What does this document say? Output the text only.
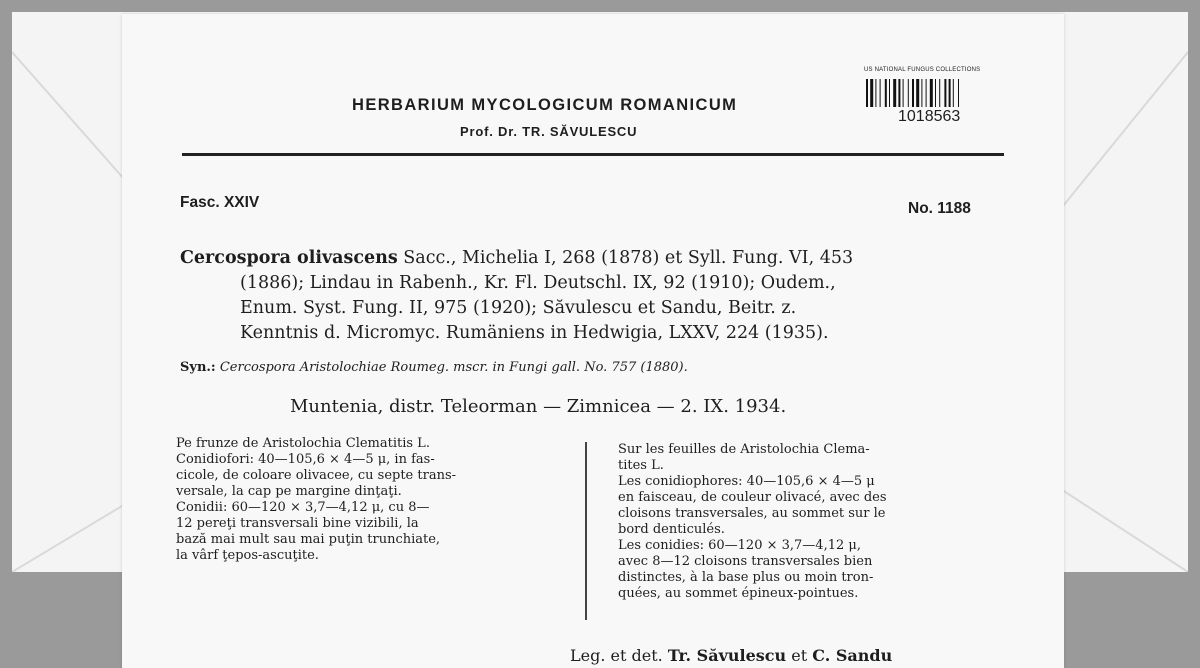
HERBARIUM MYCOLOGICUM ROMANICUM
Prof. Dr. TR. SĂVULESCU
US NATIONAL FUNGUS COLLECTIONS
1018563
Fasc. XXIV	No. 1188
Cercospora olivascens Sacc., Michelia I, 268 (1878) et Syll. Fung. VI, 453
(1886); Lindau in Rabenh., Kr. Fl. Deutschl. IX, 92 (1910); Oudem.,
Enum. Syst. Fung. II, 975 (1920); Săvulescu et Sandu, Beitr. z.
Kenntnis d. Micromyc. Rumäniens in Hedwigia, LXXV, 224 (1935).
Syn.: Cercospora Aristolochiae Roumeg. mscr. in Fungi gall. No. 757 (1880).
Muntenia, distr. Teleorman — Zimnicea — 2. IX. 1934.
Pe frunze de Aristolochia Clematitis L.
Conidiofori: 40—105,6 × 4—5 μ, in fas-
cicole, de coloare olivacee, cu septe trans-
versale, la cap pe margine dinţaţi.
Conidii: 60—120 × 3,7—4,12 μ, cu 8—
12 pereţi transversali bine vizibili, la
bază mai mult sau mai puţin trunchiate,
la vârf ţepos-ascuţite.
Sur les feuilles de Aristolochia Clema-
tites L.
Les conidiophores: 40—105,6 × 4—5 μ
en faisceau, de couleur olivacé, avec des
cloisons transversales, au sommet sur le
bord denticulés.
Les conidies: 60—120 × 3,7—4,12 μ,
avec 8—12 cloisons transversales bien
distinctes, à la base plus ou moin tron-
quées, au sommet épineux-pointues.
Leg. et det. Tr. Săvulescu et C. Sandu
